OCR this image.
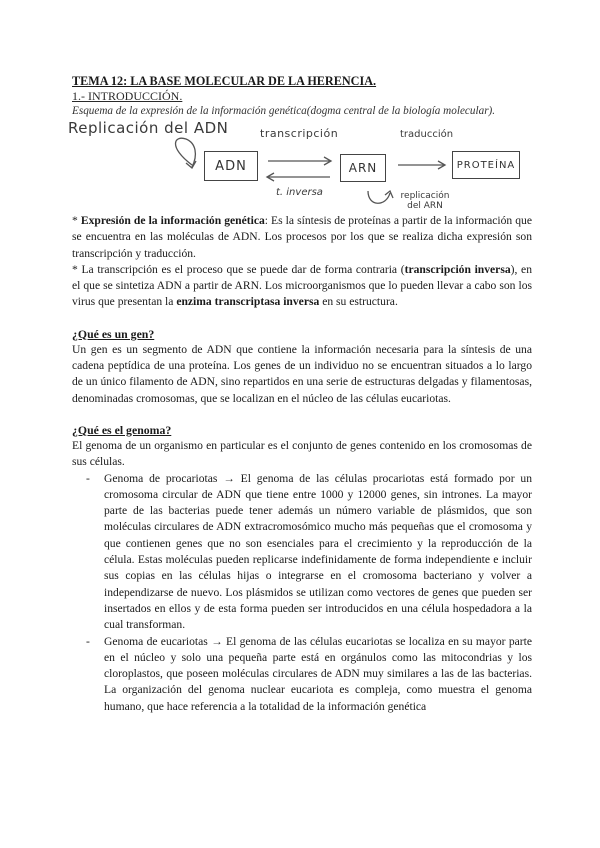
TEMA 12: LA BASE MOLECULAR DE LA HERENCIA.
1.- INTRODUCCIÓN.

Esquema de la expresión de la información genética(dogma central de la biología molecular).

Replicación del ADN	transcripción	traducción
t. inversa	replicación del ARN
ADN	ARN	PROTEÍNA

* Expresión de la información genética: Es la síntesis de proteínas a partir de la información que se encuentra en las moléculas de ADN. Los procesos por los que se realiza dicha expresión son transcripción y traducción.

* La transcripción es el proceso que se puede dar de forma contraria (transcripción inversa), en el que se sintetiza ADN a partir de ARN. Los microorganismos que lo pueden llevar a cabo son los virus que presentan la enzima transcriptasa inversa en su estructura.

¿Qué es un gen?

Un gen es un segmento de ADN que contiene la información necesaria para la síntesis de una cadena peptídica de una proteína. Los genes de un individuo no se encuentran situados a lo largo de un único filamento de ADN, sino repartidos en una serie de estructuras delgadas y filamentosas, denominadas cromosomas, que se localizan en el núcleo de las células eucariotas.

¿Qué es el genoma?

El genoma de un organismo en particular es el conjunto de genes contenido en los cromosomas de sus células.

- Genoma de procariotas → El genoma de las células procariotas está formado por un cromosoma circular de ADN que tiene entre 1000 y 12000 genes, sin intrones. La mayor parte de las bacterias puede tener además un número variable de plásmidos, que son moléculas circulares de ADN extracromosómico mucho más pequeñas que el cromosoma y que contienen genes que no son esenciales para el crecimiento y la reproducción de la célula. Estas moléculas pueden replicarse indefinidamente de forma independiente e incluir sus copias en las células hijas o integrarse en el cromosoma bacteriano y volver a independizarse de nuevo. Los plásmidos se utilizan como vectores de genes que pueden ser insertados en ellos y de esta forma pueden ser introducidos en una célula hospedadora a la cual transforman.
- Genoma de eucariotas → El genoma de las células eucariotas se localiza en su mayor parte en el núcleo y solo una pequeña parte está en orgánulos como las mitocondrias y los cloroplastos, que poseen moléculas circulares de ADN muy similares a las de las bacterias. La organización del genoma nuclear eucariota es compleja, como muestra el genoma humano, que hace referencia a la totalidad de la información genética
